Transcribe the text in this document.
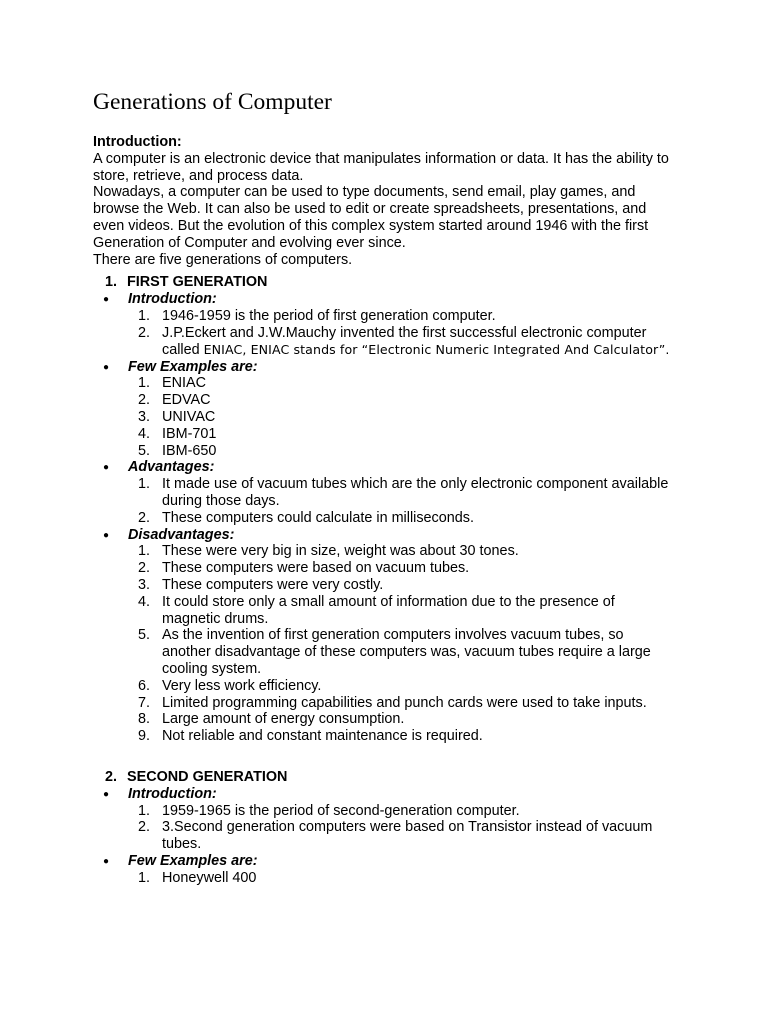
Generations of Computer
Introduction:

A computer is an electronic device that manipulates information or data. It has the ability to store, retrieve, and process data.

Nowadays, a computer can be used to type documents, send email, play games, and browse the Web. It can also be used to edit or create spreadsheets, presentations, and even videos. But the evolution of this complex system started around 1946 with the first Generation of Computer and evolving ever since.

There are five generations of computers.

1. FIRST GENERATION
● Introduction:
1. 1946-1959 is the period of first generation computer.
2. J.P.Eckert and J.W.Mauchy invented the first successful electronic computer called ENIAC, ENIAC stands for “Electronic Numeric Integrated And Calculator”.
● Few Examples are:
1. ENIAC
2. EDVAC
3. UNIVAC
4. IBM-701
5. IBM-650
● Advantages:
1. It made use of vacuum tubes which are the only electronic component available during those days.
2. These computers could calculate in milliseconds.
● Disadvantages:
1. These were very big in size, weight was about 30 tones.
2. These computers were based on vacuum tubes.
3. These computers were very costly.
4. It could store only a small amount of information due to the presence of magnetic drums.
5. As the invention of first generation computers involves vacuum tubes, so another disadvantage of these computers was, vacuum tubes require a large cooling system.
6. Very less work efficiency.
7. Limited programming capabilities and punch cards were used to take inputs.
8. Large amount of energy consumption.
9. Not reliable and constant maintenance is required.
2. SECOND GENERATION
● Introduction:
1. 1959-1965 is the period of second-generation computer.
2. 3.Second generation computers were based on Transistor instead of vacuum tubes.
● Few Examples are:
1. Honeywell 400
